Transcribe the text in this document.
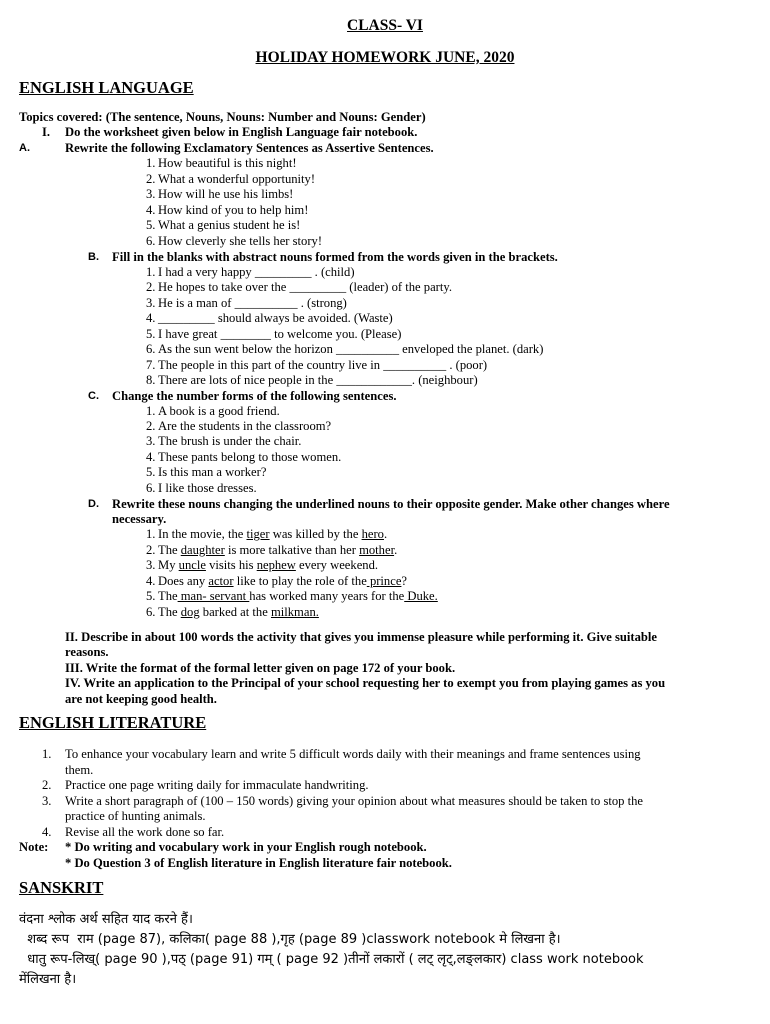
CLASS- VI
HOLIDAY HOMEWORK JUNE, 2020
ENGLISH LANGUAGE
Topics covered: (The sentence, Nouns, Nouns: Number and Nouns: Gender)
I. Do the worksheet given below in English Language fair notebook.
A.	Rewrite the following Exclamatory Sentences as Assertive Sentences.
1. How beautiful is this night!
2. What a wonderful opportunity!
3. How will he use his limbs!
4. How kind of you to help him!
5. What a genius student he is!
6. How cleverly she tells her story!
B. Fill in the blanks with abstract nouns formed from the words given in the brackets.
1. I had a very happy _________ . (child)
2. He hopes to take over the _________ (leader) of the party.
3. He is a man of __________ . (strong)
4. _________ should always be avoided. (Waste)
5. I have great ________ to welcome you. (Please)
6. As the sun went below the horizon __________ enveloped the planet. (dark)
7. The people in this part of the country live in __________ . (poor)
8. There are lots of nice people in the ____________. (neighbour)
C. Change the number forms of the following sentences.
1. A book is a good friend.
2. Are the students in the classroom?
3. The brush is under the chair.
4. These pants belong to those women.
5. Is this man a worker?
6. I like those dresses.
D. Rewrite these nouns changing the underlined nouns to their opposite gender. Make other changes where
necessary.
1. In the movie, the tiger was killed by the hero.
2. The daughter is more talkative than her mother.
3. My uncle visits his nephew every weekend.
4. Does any actor like to play the role of the prince?
5. The man- servant has worked many years for the Duke.
6. The dog barked at the milkman.
II. Describe in about 100 words the activity that gives you immense pleasure while performing it. Give suitable
reasons.
III. Write the format of the formal letter given on page 172 of your book.
IV. Write an application to the Principal of your school requesting her to exempt you from playing games as you
are not keeping good health.
ENGLISH LITERATURE
1. To enhance your vocabulary learn and write 5 difficult words daily with their meanings and frame sentences using
them.
2. Practice one page writing daily for immaculate handwriting.
3. Write a short paragraph of (100 – 150 words) giving your opinion about what measures should be taken to stop the
practice of hunting animals.
4. Revise all the work done so far.
Note: * Do writing and vocabulary work in your English rough notebook.
* Do Question 3 of English literature in English literature fair notebook.
SANSKRIT
वंदना श्लोक अर्थ सहित याद करने हैं।
शब्द रूप  राम (page 87), कलिका( page 88 ),गृह (page 89 )classwork notebook मे लिखना है।
धातु रूप-लिख्( page 90 ),पठ् (page 91) गम् ( page 92 )तीनों लकारों ( लट् लृट्,लङ्लकार) class work notebook
मेंलिखना है।
